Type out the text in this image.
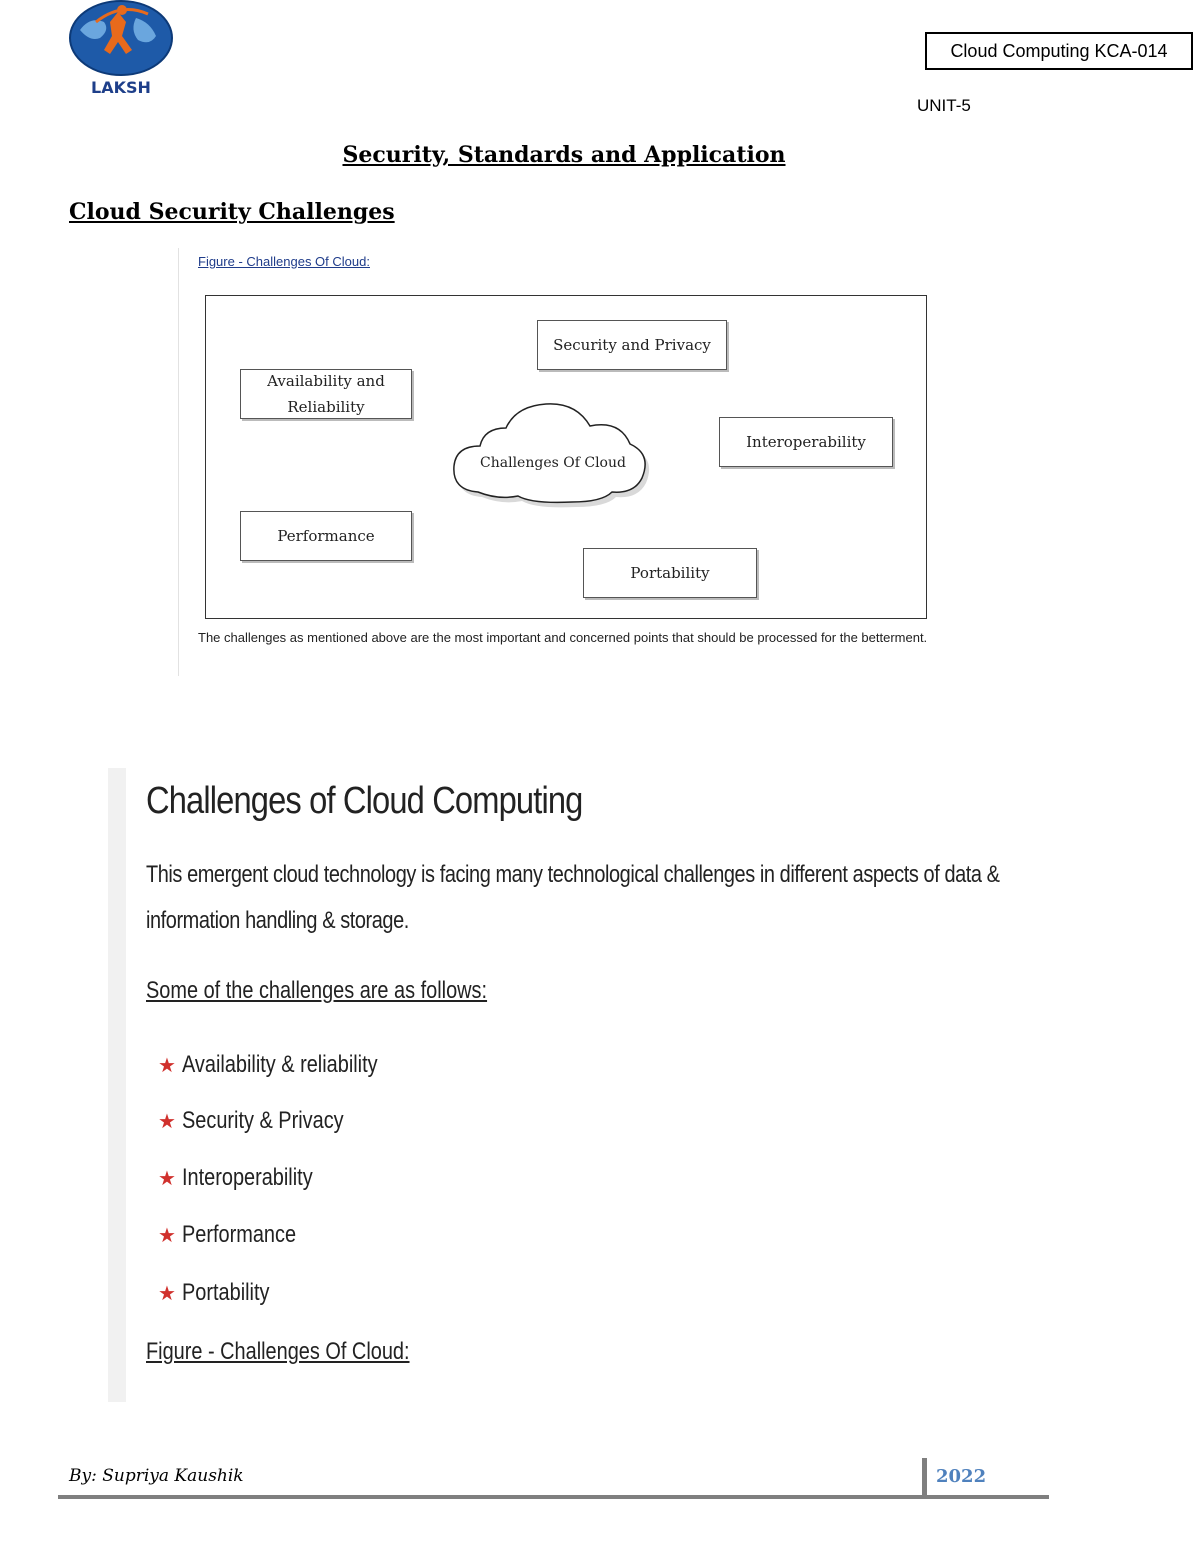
LAKSH
Cloud Computing KCA-014
UNIT-5
Security, Standards and Application
Cloud Security Challenges
Figure - Challenges Of Cloud:
Security and Privacy
Availability and
Reliability
Interoperability
Performance
Portability
Challenges Of Cloud
The challenges as mentioned above are the most important and concerned points that should be processed for the betterment.
Challenges of Cloud Computing
This emergent cloud technology is facing many technological challenges in different aspects of data &
information handling & storage.
Some of the challenges are as follows:
★ Availability & reliability
★ Security & Privacy
★ Interoperability
★ Performance
★ Portability
Figure - Challenges Of Cloud:
By: Supriya Kaushik	2022
